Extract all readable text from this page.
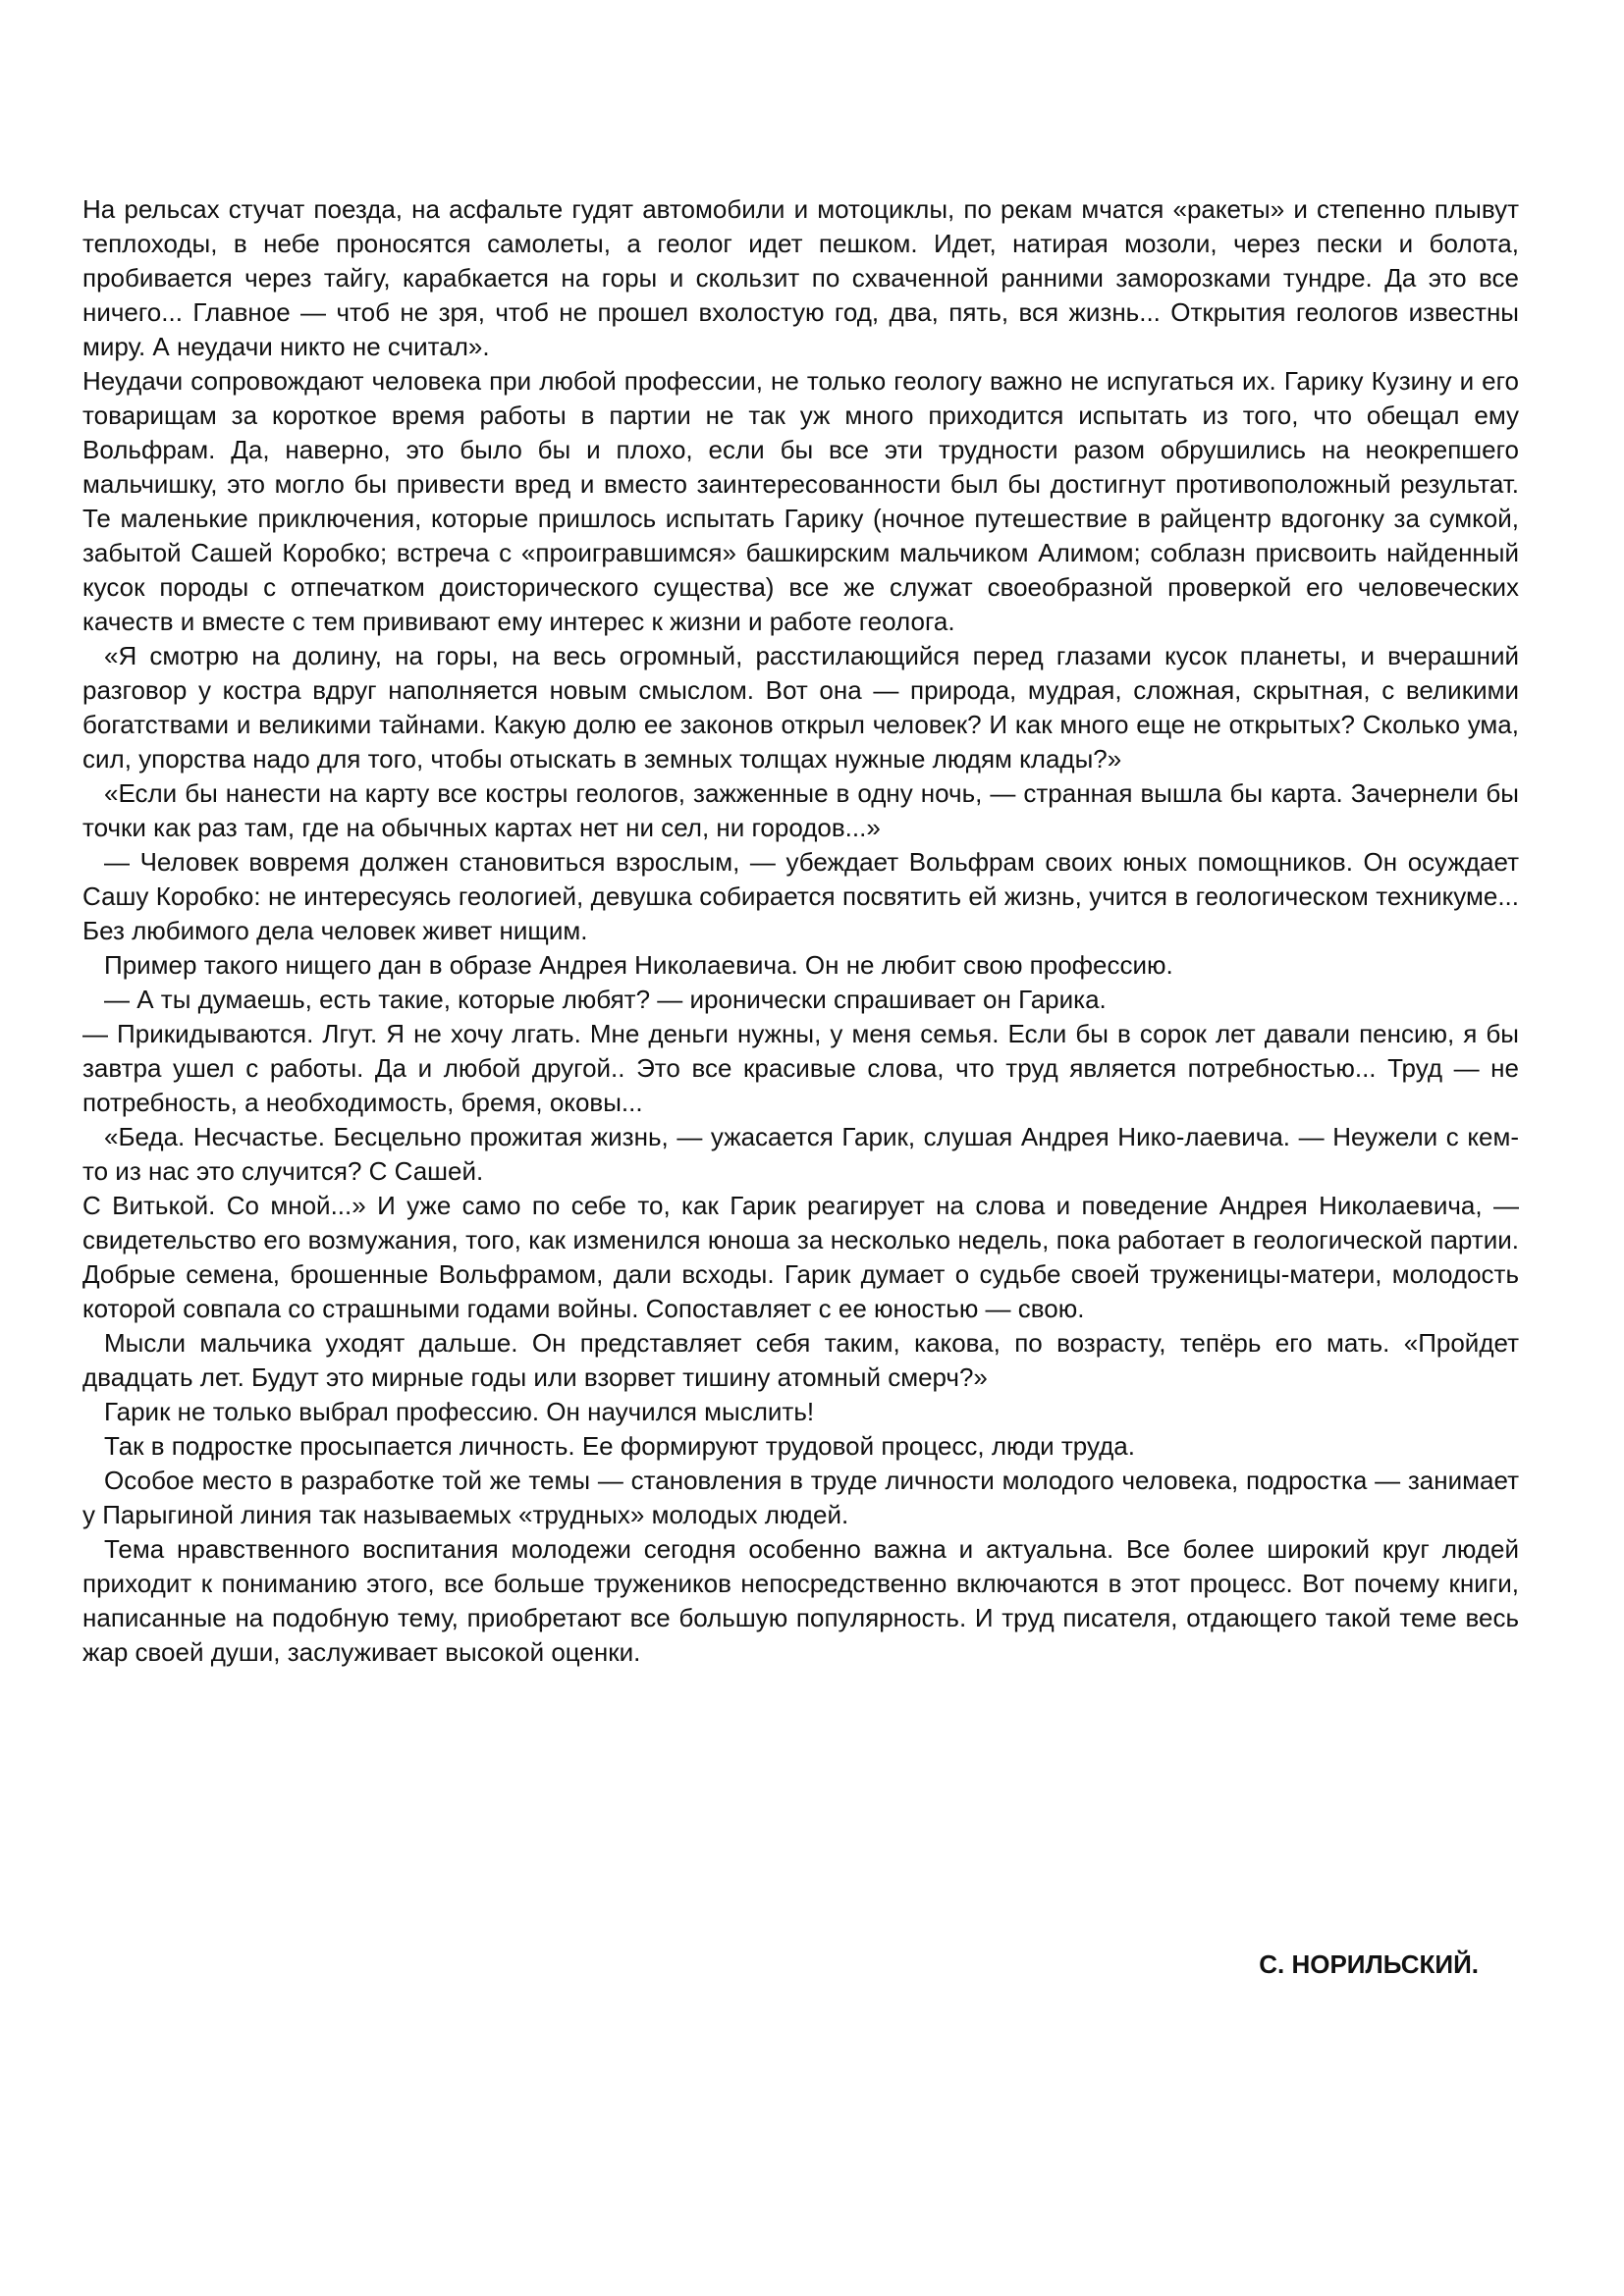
На рельсах стучат поезда, на асфальте гудят автомобили и мотоциклы, по рекам мчатся «ракеты» и степенно плывут теплоходы, в небе проносятся самолеты, а геолог идет пешком. Идет, натирая мозоли, через пески и болота, пробивается через тайгу, карабкается на горы и скользит по схваченной ранними заморозками тундре. Да это все ничего... Главное — чтоб не зря, чтоб не прошел вхолостую год, два, пять, вся жизнь... Открытия геологов известны миру. А неудачи никто не считал».

Неудачи сопровождают человека при любой профессии, не только геологу важно не испугаться их. Гарику Кузину и его товарищам за короткое время работы в партии не так уж много приходится испытать из того, что обещал ему Вольфрам. Да, наверно, это было бы и плохо, если бы все эти трудности разом обрушились на неокрепшего мальчишку, это могло бы привести вред и вместо заинтересованности был бы достигнут противоположный результат. Те маленькие приключения, которые пришлось испытать Гарику (ночное путешествие в райцентр вдогонку за сумкой, забытой Сашей Коробко; встреча с «проигравшимся» башкирским мальчиком Алимом; соблазн присвоить найденный кусок породы с отпечатком доисторического существа) все же служат своеобразной проверкой его человеческих качеств и вместе с тем прививают ему интерес к жизни и работе геолога.

«Я смотрю на долину, на горы, на весь огромный, расстилающийся перед глазами кусок планеты, и вчерашний разговор у костра вдруг наполняется новым смыслом. Вот она — природа, мудрая, сложная, скрытная, с великими богатствами и великими тайнами. Какую долю ее законов открыл человек? И как много еще не открытых? Сколько ума, сил, упорства надо для того, чтобы отыскать в земных толщах нужные людям клады?»

«Если бы нанести на карту все костры геологов, зажженные в одну ночь, — странная вышла бы карта. Зачернели бы точки как раз там, где на обычных картах нет ни сел, ни городов...»

— Человек вовремя должен становиться взрослым, — убеждает Вольфрам своих юных помощников. Он осуждает Сашу Коробко: не интересуясь геологией, девушка собирается посвятить ей жизнь, учится в геологическом техникуме... Без любимого дела человек живет нищим.

Пример такого нищего дан в образе Андрея Николаевича. Он не любит свою профессию.

— А ты думаешь, есть такие, которые любят? — иронически спрашивает он Гарика.

— Прикидываются. Лгут. Я не хочу лгать. Мне деньги нужны, у меня семья. Если бы в сорок лет давали пенсию, я бы завтра ушел с работы. Да и любой другой.. Это все красивые слова, что труд является потребностью... Труд — не потребность, а необходимость, бремя, оковы...

«Беда. Несчастье. Бесцельно прожитая жизнь, — ужасается Гарик, слушая Андрея Нико-лаевича. — Неужели с кем-то из нас это случится? С Сашей.

С Витькой. Со мной...» И уже само по себе то, как Гарик реагирует на слова и поведение Андрея Николаевича, — свидетельство его возмужания, того, как изменился юноша за несколько недель, пока работает в геологической партии. Добрые семена, брошенные Вольфрамом, дали всходы. Гарик думает о судьбе своей труженицы-матери, молодость которой совпала со страшными годами войны. Сопоставляет с ее юностью — свою.

Мысли мальчика уходят дальше. Он представляет себя таким, какова, по возрасту, тепёрь его мать. «Пройдет двадцать лет. Будут это мирные годы или взорвет тишину атомный смерч?»

Гарик не только выбрал профессию. Он научился мыслить!

Так в подростке просыпается личность. Ее формируют трудовой процесс, люди труда.

Особое место в разработке той же темы — становления в труде личности молодого человека, подростка — занимает у Парыгиной линия так называемых «трудных» молодых людей.

Тема нравственного воспитания молодежи сегодня особенно важна и актуальна. Все более широкий круг людей приходит к пониманию этого, все больше тружеников непосредственно включаются в этот процесс. Вот почему книги, написанные на подобную тему, приобретают все большую популярность. И труд писателя, отдающего такой теме весь жар своей души, заслуживает высокой оценки.

С. НОРИЛЬСКИЙ.
